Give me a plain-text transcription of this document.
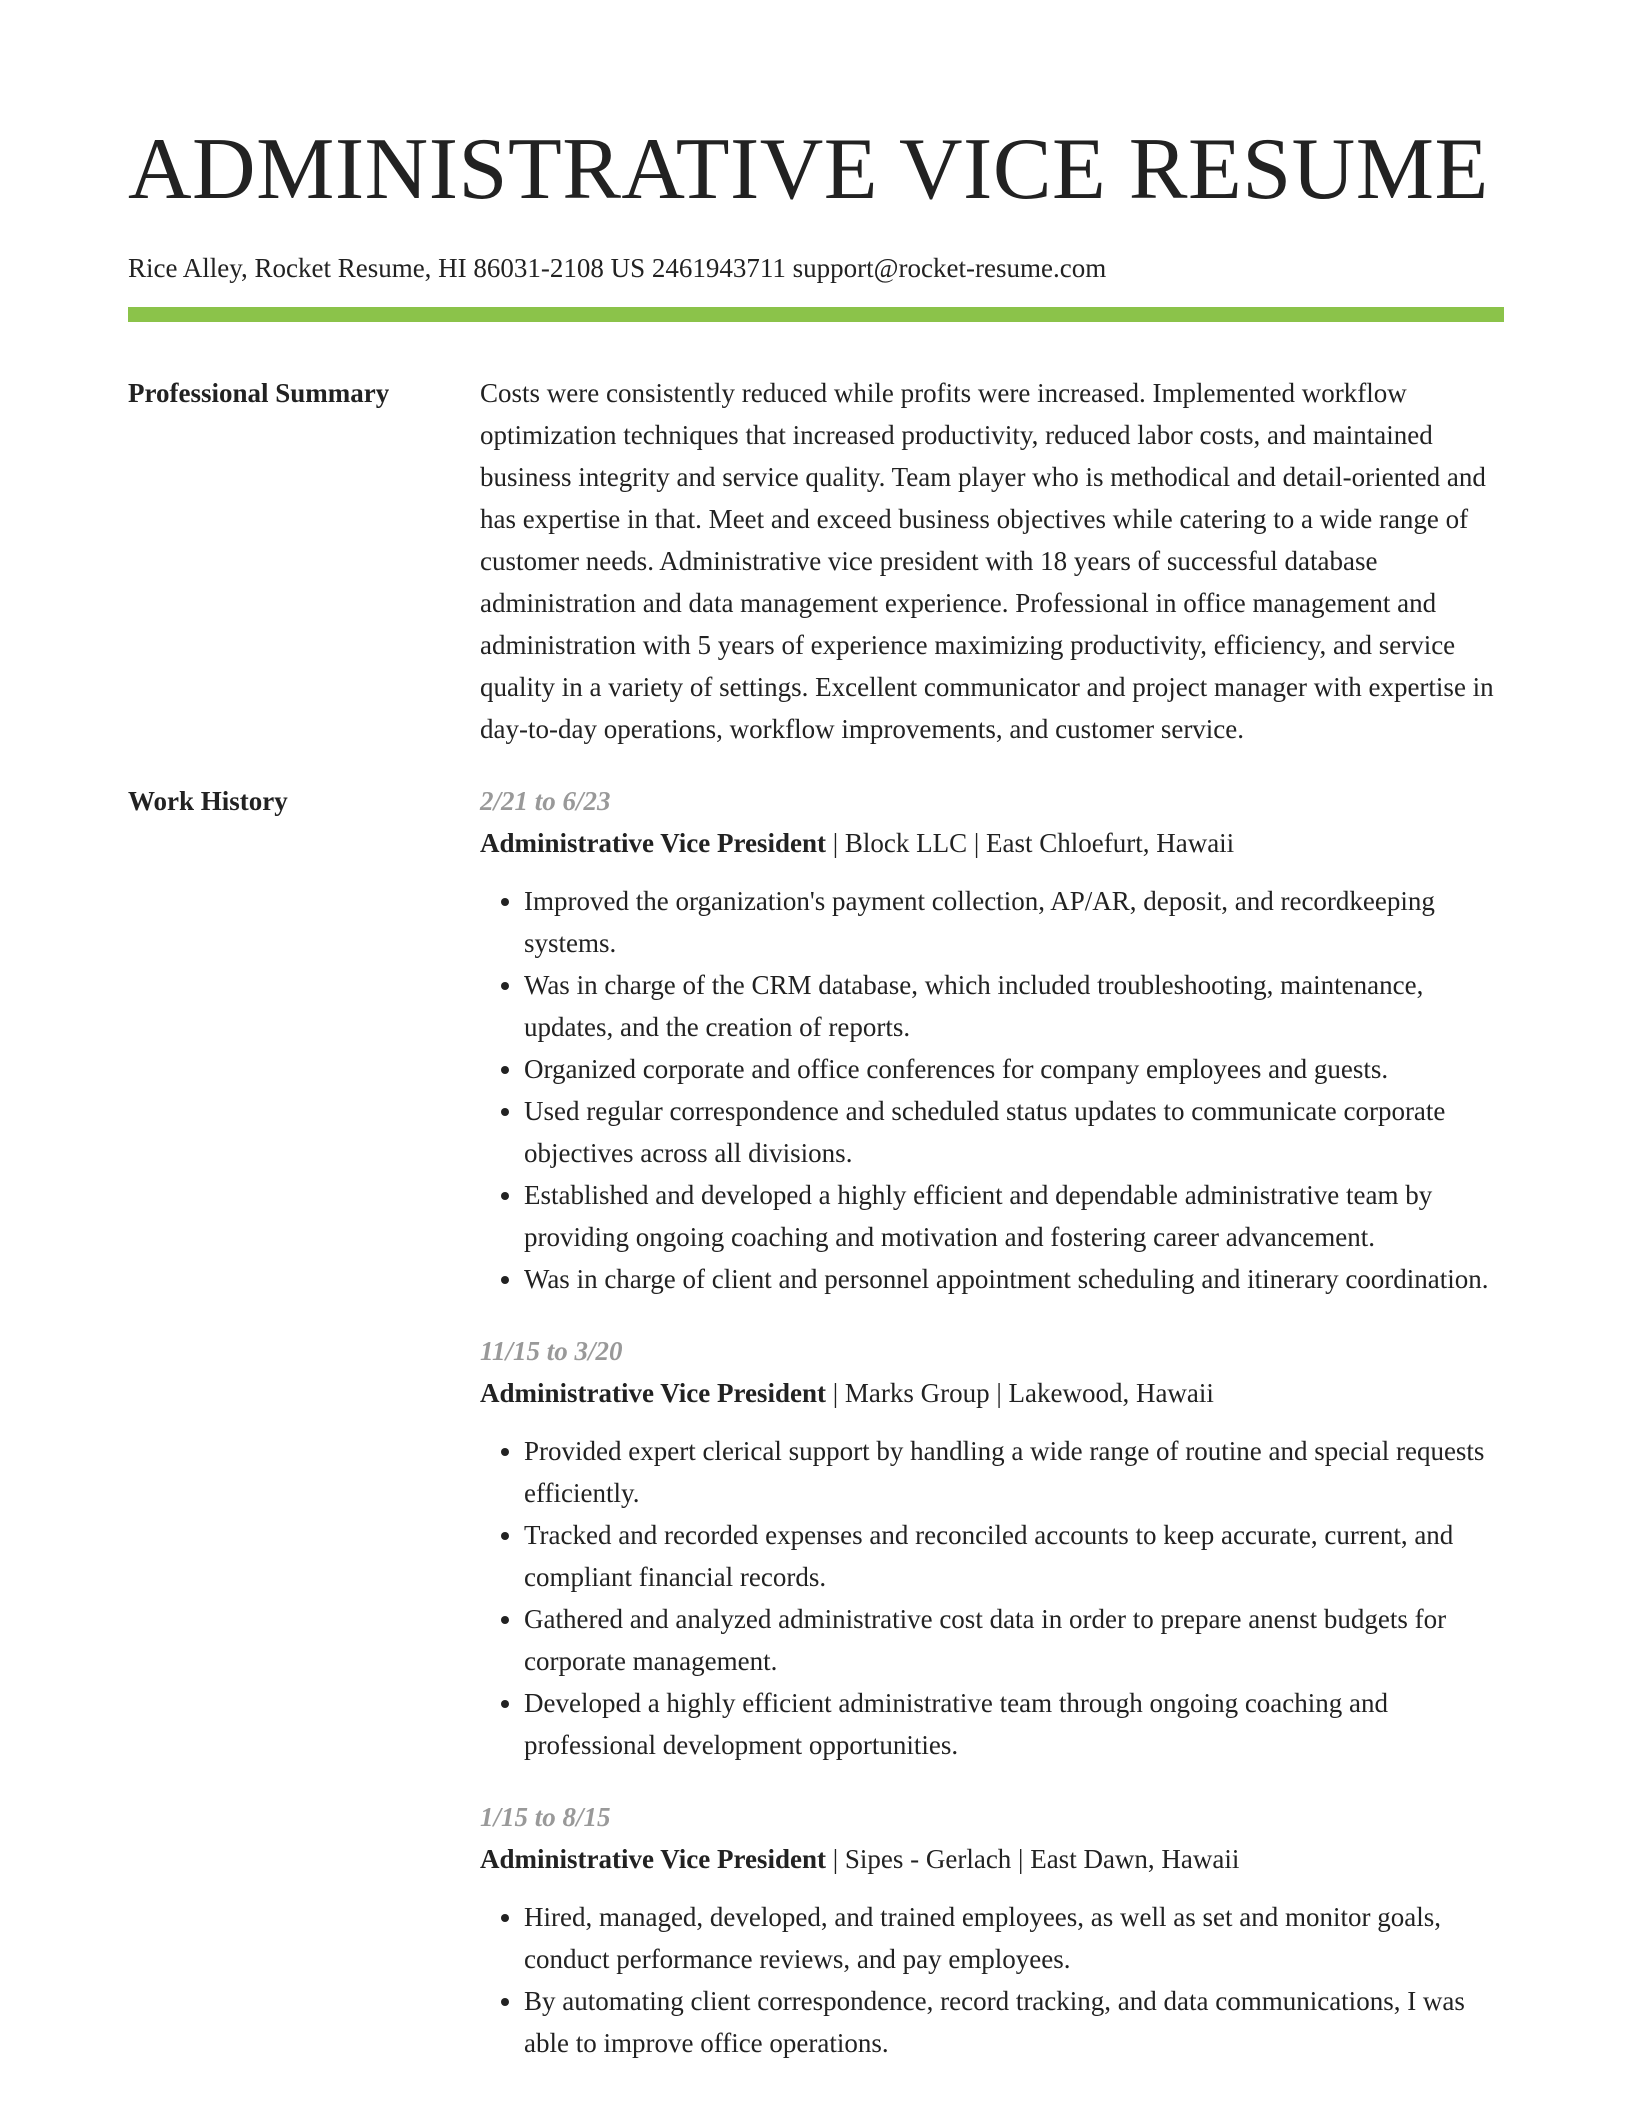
ADMINISTRATIVE VICE RESUME
Rice Alley, Rocket Resume, HI 86031-2108 US 2461943711 support@rocket-resume.com
Professional Summary	Costs were consistently reduced while profits were increased. Implemented workflow optimization techniques that increased productivity, reduced labor costs, and maintained business integrity and service quality. Team player who is methodical and detail-oriented and has expertise in that. Meet and exceed business objectives while catering to a wide range of customer needs. Administrative vice president with 18 years of successful database administration and data management experience. Professional in office management and administration with 5 years of experience maximizing productivity, efficiency, and service quality in a variety of settings. Excellent communicator and project manager with expertise in day-to-day operations, workflow improvements, and customer service.

Work History	2/21 to 6/23
Administrative Vice President | Block LLC | East Chloefurt, Hawaii
• Improved the organization's payment collection, AP/AR, deposit, and recordkeeping systems.
• Was in charge of the CRM database, which included troubleshooting, maintenance, updates, and the creation of reports.
• Organized corporate and office conferences for company employees and guests.
• Used regular correspondence and scheduled status updates to communicate corporate objectives across all divisions.
• Established and developed a highly efficient and dependable administrative team by providing ongoing coaching and motivation and fostering career advancement.
• Was in charge of client and personnel appointment scheduling and itinerary coordination.
11/15 to 3/20
Administrative Vice President | Marks Group | Lakewood, Hawaii
• Provided expert clerical support by handling a wide range of routine and special requests efficiently.
• Tracked and recorded expenses and reconciled accounts to keep accurate, current, and compliant financial records.
• Gathered and analyzed administrative cost data in order to prepare anenst budgets for corporate management.
• Developed a highly efficient administrative team through ongoing coaching and professional development opportunities.
1/15 to 8/15
Administrative Vice President | Sipes - Gerlach | East Dawn, Hawaii
• Hired, managed, developed, and trained employees, as well as set and monitor goals, conduct performance reviews, and pay employees.
• By automating client correspondence, record tracking, and data communications, I was able to improve office operations.
